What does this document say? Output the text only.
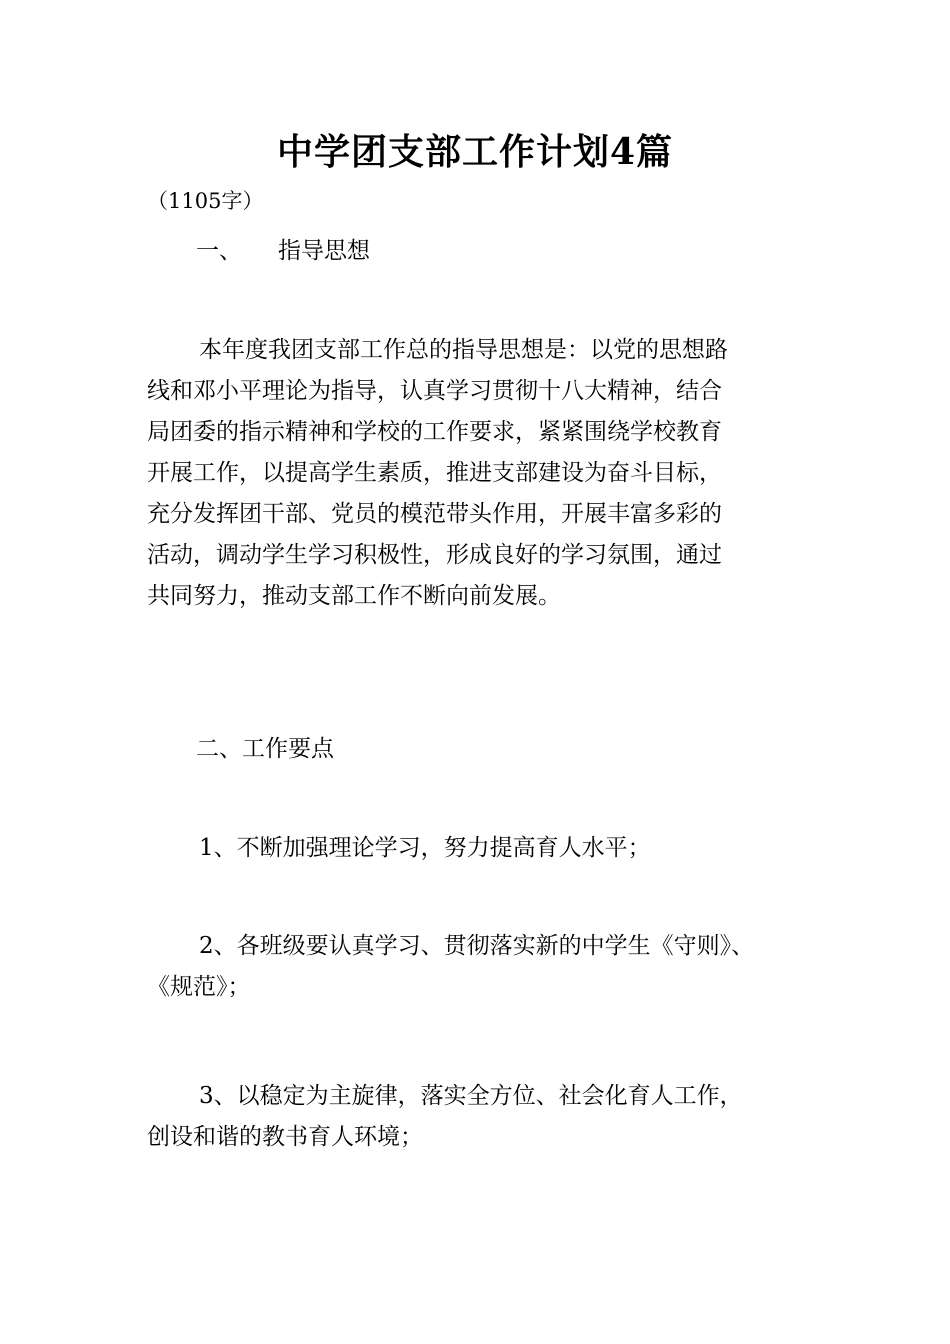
中学团支部工作计划4篇
（1105字）
一、 指导思想
本年度我团支部工作总的指导思想是：以党的思想路
线和邓小平理论为指导，认真学习贯彻十八大精神，结合
局团委的指示精神和学校的工作要求，紧紧围绕学校教育
开展工作，以提高学生素质，推进支部建设为奋斗目标，
充分发挥团干部、党员的模范带头作用，开展丰富多彩的
活动，调动学生学习积极性，形成良好的学习氛围，通过
共同努力，推动支部工作不断向前发展。
二、工作要点
1、不断加强理论学习，努力提高育人水平；
2、各班级要认真学习、贯彻落实新的中学生《守则》、
《规范》；
3、以稳定为主旋律，落实全方位、社会化育人工作，
创设和谐的教书育人环境；
